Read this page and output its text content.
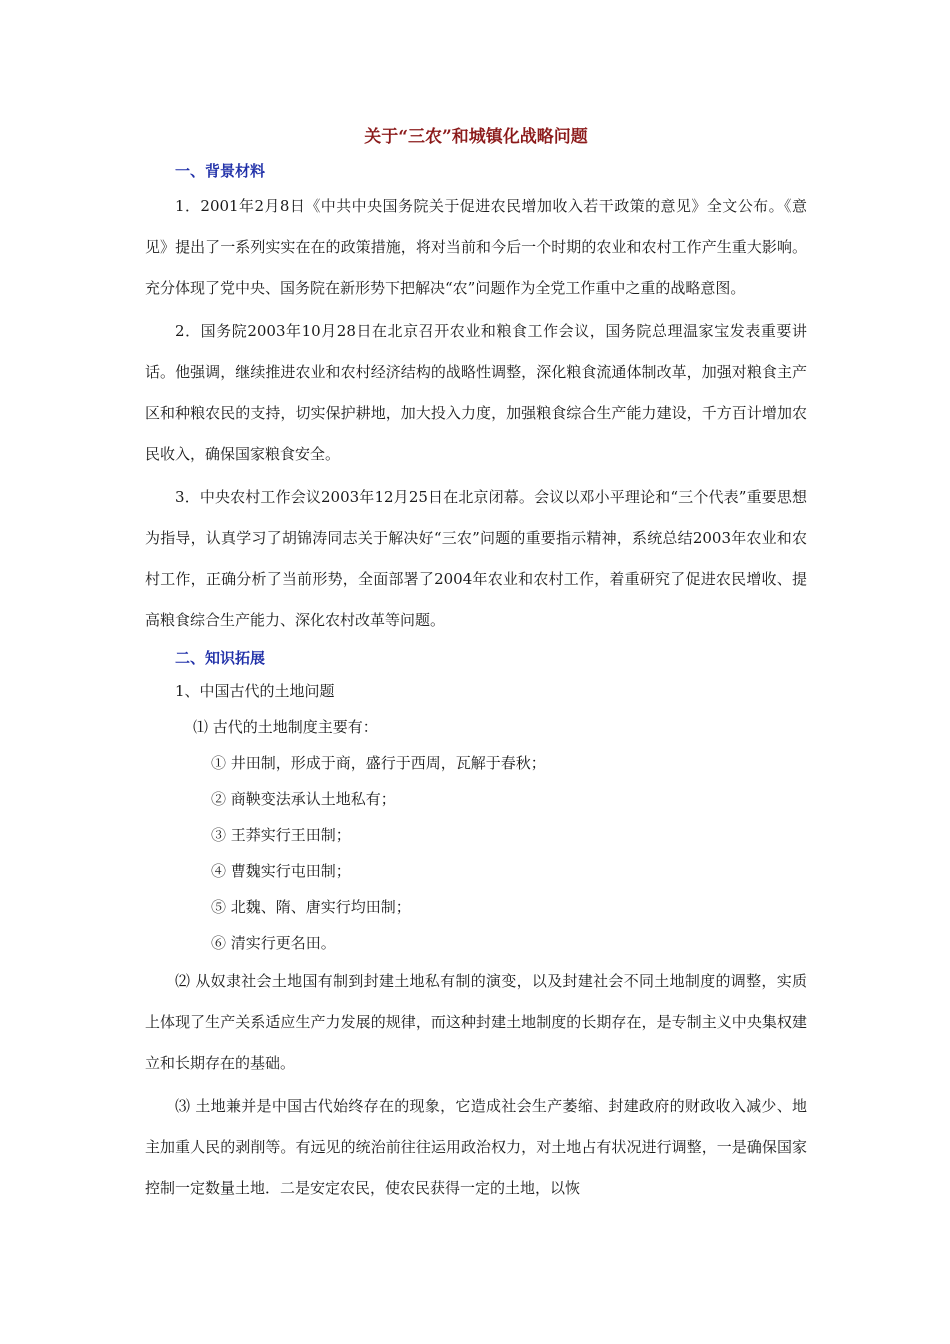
关于“三农”和城镇化战略问题
一、背景材料

1．2001年2月8日《中共中央国务院关于促进农民增加收入若干政策的意见》全文公布。《意见》提出了一系列实实在在的政策措施，将对当前和今后一个时期的农业和农村工作产生重大影响。充分体现了党中央、国务院在新形势下把解决“农”问题作为全党工作重中之重的战略意图。

2．国务院2003年10月28日在北京召开农业和粮食工作会议，国务院总理温家宝发表重要讲话。他强调，继续推进农业和农村经济结构的战略性调整，深化粮食流通体制改革，加强对粮食主产区和种粮农民的支持，切实保护耕地，加大投入力度，加强粮食综合生产能力建设，千方百计增加农民收入，确保国家粮食安全。

3．中央农村工作会议2003年12月25日在北京闭幕。会议以邓小平理论和“三个代表”重要思想为指导，认真学习了胡锦涛同志关于解决好“三农”问题的重要指示精神，系统总结2003年农业和农村工作，正确分析了当前形势，全面部署了2004年农业和农村工作，着重研究了促进农民增收、提高粮食综合生产能力、深化农村改革等问题。

二、知识拓展
1、中国古代的土地问题
⑴ 古代的土地制度主要有：
① 井田制，形成于商，盛行于西周，瓦解于春秋；
② 商鞅变法承认土地私有；
③ 王莽实行王田制；
④ 曹魏实行屯田制；
⑤ 北魏、隋、唐实行均田制；
⑥ 清实行更名田。

⑵ 从奴隶社会土地国有制到封建土地私有制的演变，以及封建社会不同土地制度的调整，实质上体现了生产关系适应生产力发展的规律，而这种封建土地制度的长期存在，是专制主义中央集权建立和长期存在的基础。

⑶ 土地兼并是中国古代始终存在的现象，它造成社会生产萎缩、封建政府的财政收入减少、地主加重人民的剥削等。有远见的统治前往往运用政治权力，对土地占有状况进行调整，一是确保国家控制一定数量土地．二是安定农民，使农民获得一定的土地，以恢
